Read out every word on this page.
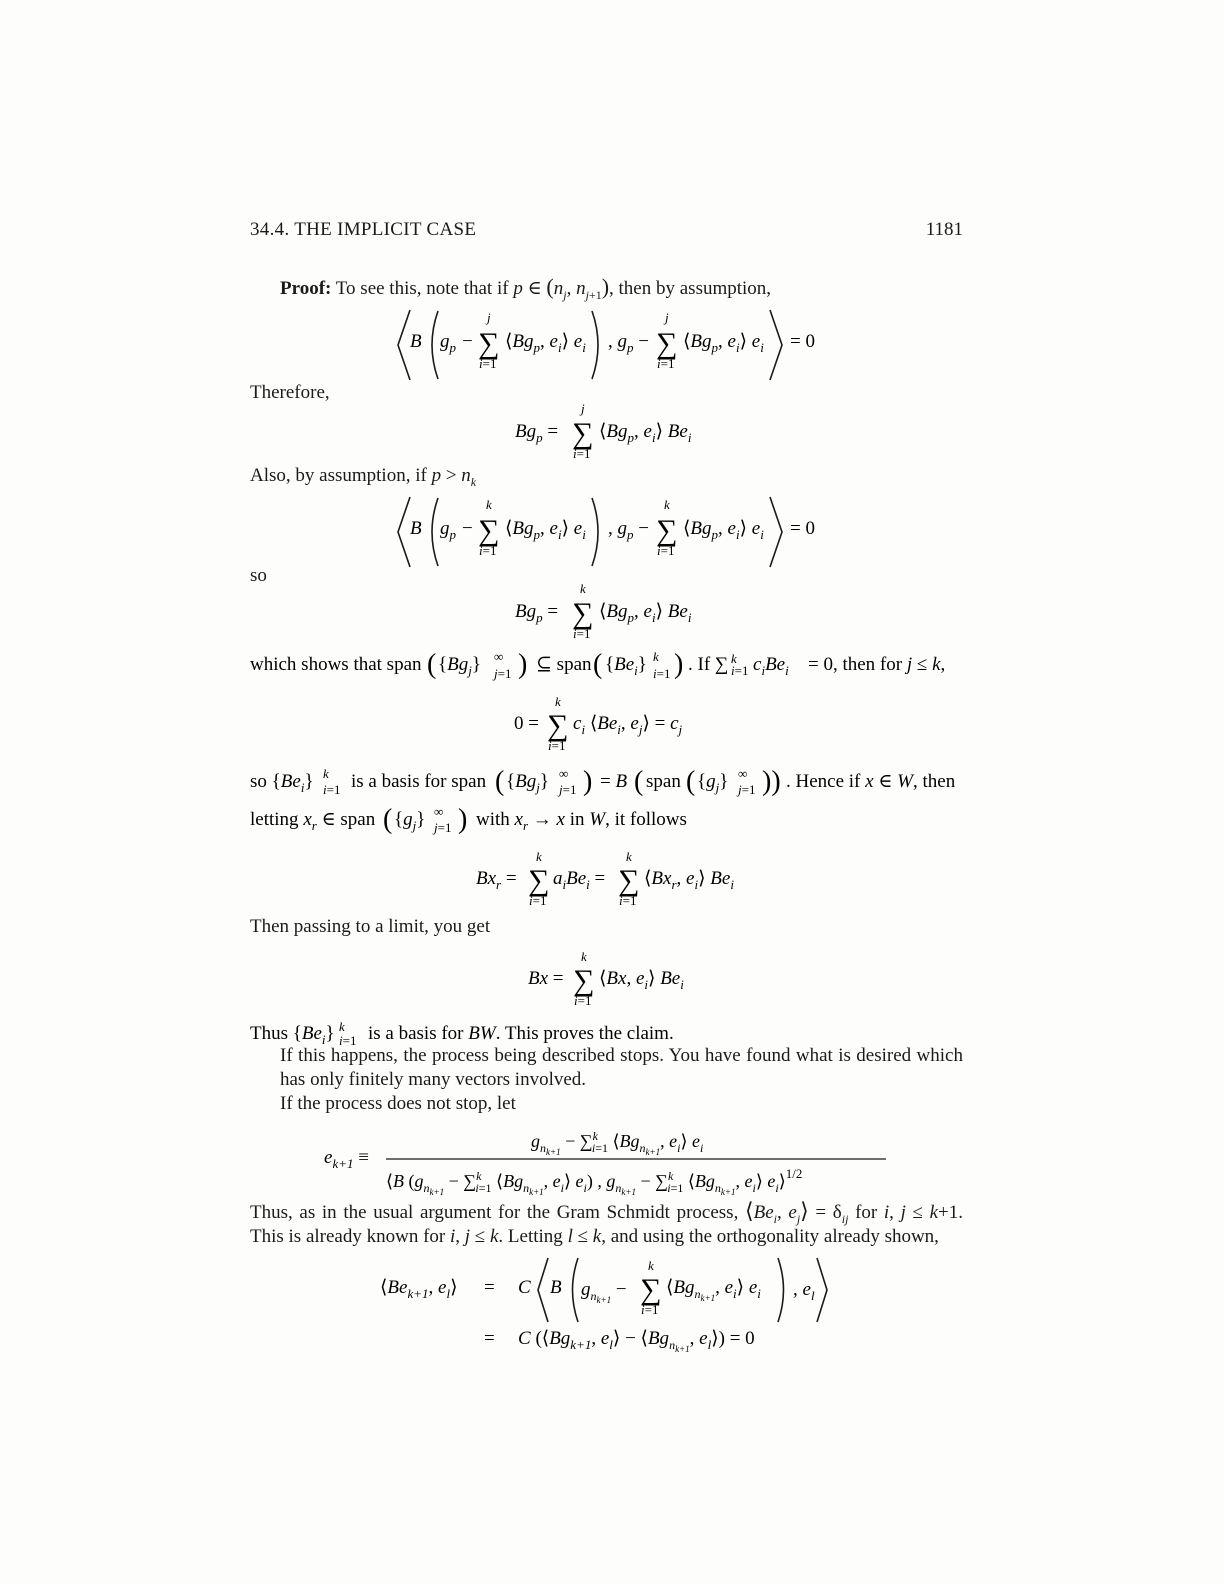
34.4. THE IMPLICIT CASE	1181
Proof: To see this, note that if p ∈ ($n_j$, $n_{j+1}$), then by assumption,
B $g_p$ −
j
∑
i=1
$⟨Bg_p$, $e_i⟩$ $e_i$ , $g_p$ −
j
∑
i=1
$⟨Bg_p$, $e_i⟩$ $e_i = 0$
Therefore,
$Bg_p$ =
j
∑
i=1
$⟨Bg_p$, $e_i⟩$ $Be_i$
Also, by assumption, if $p > n_k$
B $g_p$ −
k
∑
i=1
$⟨Bg_p$, $e_i⟩$ $e_i$ , $g_p$ −
k
∑
i=1
$⟨Bg_p$, $e_i⟩$ $e_i = 0$
so
$Bg_p$ =
k
∑
i=1
$⟨Bg_p$, $e_i⟩$ $Be_i$
which shows that span ( $\{Bg_j\}$ ∞
j=1 ) ⊆ span ( $\{Be_i\}$ k
i=1 ) . If ∑ k
i=1 $c_iBe_i = 0$, then for j ≤ k,
0 =
k
∑
i=1
$c_i$ $⟨Be_i$, $e_j⟩ = c_j$
so $\{Be_i\}$ k
i=1 is a basis for span ( $\{Bg_j\}$ ∞
j=1 ) = B ( span ( $\{g_j\}$ ∞
j=1 )) . Hence if x ∈ W, then
letting $x_r$ ∈ span ( $\{g_j\}$ ∞
j=1 ) with $x_r \to x$ in W, it follows
$Bx_r$ =
k
∑
i=1
$a_iBe_i$ =
k
∑
i=1
$⟨Bx_r$, $e_i⟩$ $Be_i$
Then passing to a limit, you get
Bx =
k
∑
i=1
⟨Bx, $e_i⟩$ $Be_i$
Thus $\{Be_i\}$ k
i=1 is a basis for BW. This proves the claim.
If this happens, the process being described stops. You have found what is desired which has only finitely many vectors involved.
If the process does not stop, let
$e_{k+1}$ ≡
$g_nk+1 - \sum^k$ i=1 $⟨Bg_nk+1$, $e_i⟩$ $e_i$
⟨B ($g_nk+1 - \sum^k$ i=1 $⟨Bg_nk+1$, $e_i⟩$ $e_i$) , $g_nk+1 - \sum^k$ i=1 $⟨Bg_nk+1$, $e_i⟩$ $e_i⟩^{1/2}$
Thus, as in the usual argument for the Gram Schmidt process, $⟨Be_i$, $e_j⟩ = \delta_{ij}$ for i, j ≤ k+1. This is already known for i, j ≤ k. Letting l ≤ k, and using the orthogonality already shown,
$⟨Be_{k+1}$, $e_l⟩ = C$ B $g_nk+1$ −
k
∑
i=1
$⟨Bg_nk+1$, $e_i⟩$ $e_i$ , $e_l$
= C ($⟨Bg_{k+1}$, $e_l⟩$ − $⟨Bg_nk+1$, $e_l⟩) = 0$
